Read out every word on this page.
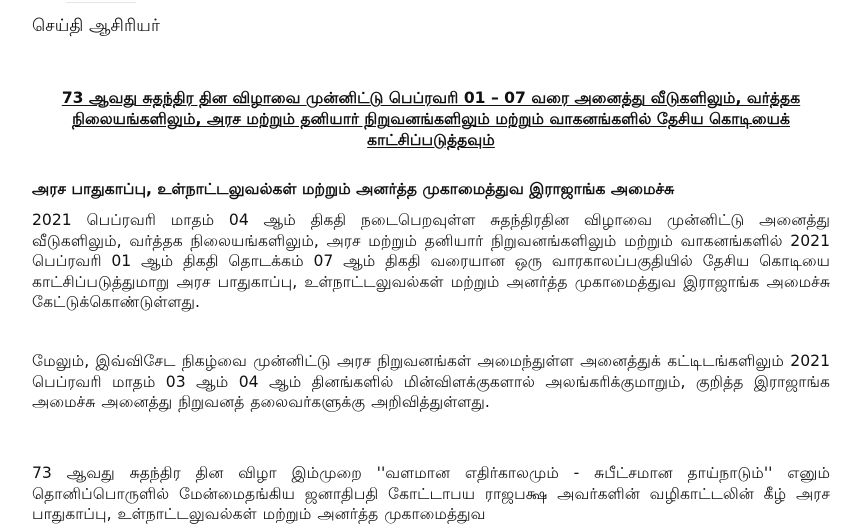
செய்தி ஆசிரியர்
73 ஆவது சுதந்திர தின விழாவை முன்னிட்டு பெப்ரவரி 01 – 07 வரை அனைத்து வீடுகளிலும், வர்த்தக நிலையங்களிலும், அரச மற்றும் தனியார் நிறுவனங்களிலும் மற்றும் வாகனங்களில் தேசிய கொடியைக் காட்சிப்படுத்தவும்
அரச பாதுகாப்பு, உள்நாட்டலுவல்கள் மற்றும் அனர்த்த முகாமைத்துவ இராஜாங்க அமைச்சு
2021 பெப்ரவரி மாதம் 04 ஆம் திகதி நடைபெறவுள்ள சுதந்திரதின விழாவை முன்னிட்டு அனைத்து வீடுகளிலும், வர்த்தக நிலையங்களிலும், அரச மற்றும் தனியார் நிறுவனங்களிலும் மற்றும் வாகனங்களில் 2021 பெப்ரவரி 01 ஆம் திகதி தொடக்கம் 07 ஆம் திகதி வரையான ஒரு வாரகாலப்பகுதியில் தேசிய கொடியை காட்சிப்படுத்துமாறு அரச பாதுகாப்பு, உள்நாட்டலுவல்கள் மற்றும் அனர்த்த முகாமைத்துவ இராஜாங்க அமைச்சு கேட்டுக்கொண்டுள்ளது.
மேலும், இவ்விசேட நிகழ்வை முன்னிட்டு அரச நிறுவனங்கள் அமைந்துள்ள அனைத்துக் கட்டிடங்களிலும் 2021 பெப்ரவரி மாதம் 03 ஆம் 04 ஆம் தினங்களில் மின்விளக்குகளால் அலங்கரிக்குமாறும், குறித்த இராஜாங்க அமைச்சு அனைத்து நிறுவனத் தலைவர்களுக்கு அறிவித்துள்ளது.
73 ஆவது சுதந்திர தின விழா இம்முறை ''வளமான எதிர்காலமும் - சுபீட்சமான தாய்நாடும்'' எனும் தொனிப்பொருளில் மேன்மைதங்கிய ஜனாதிபதி கோட்டாபய ராஜபக்ஷ அவர்களின் வழிகாட்டலின் கீழ் அரச பாதுகாப்பு, உள்நாட்டலுவல்கள் மற்றும் அனர்த்த முகாமைத்துவ
